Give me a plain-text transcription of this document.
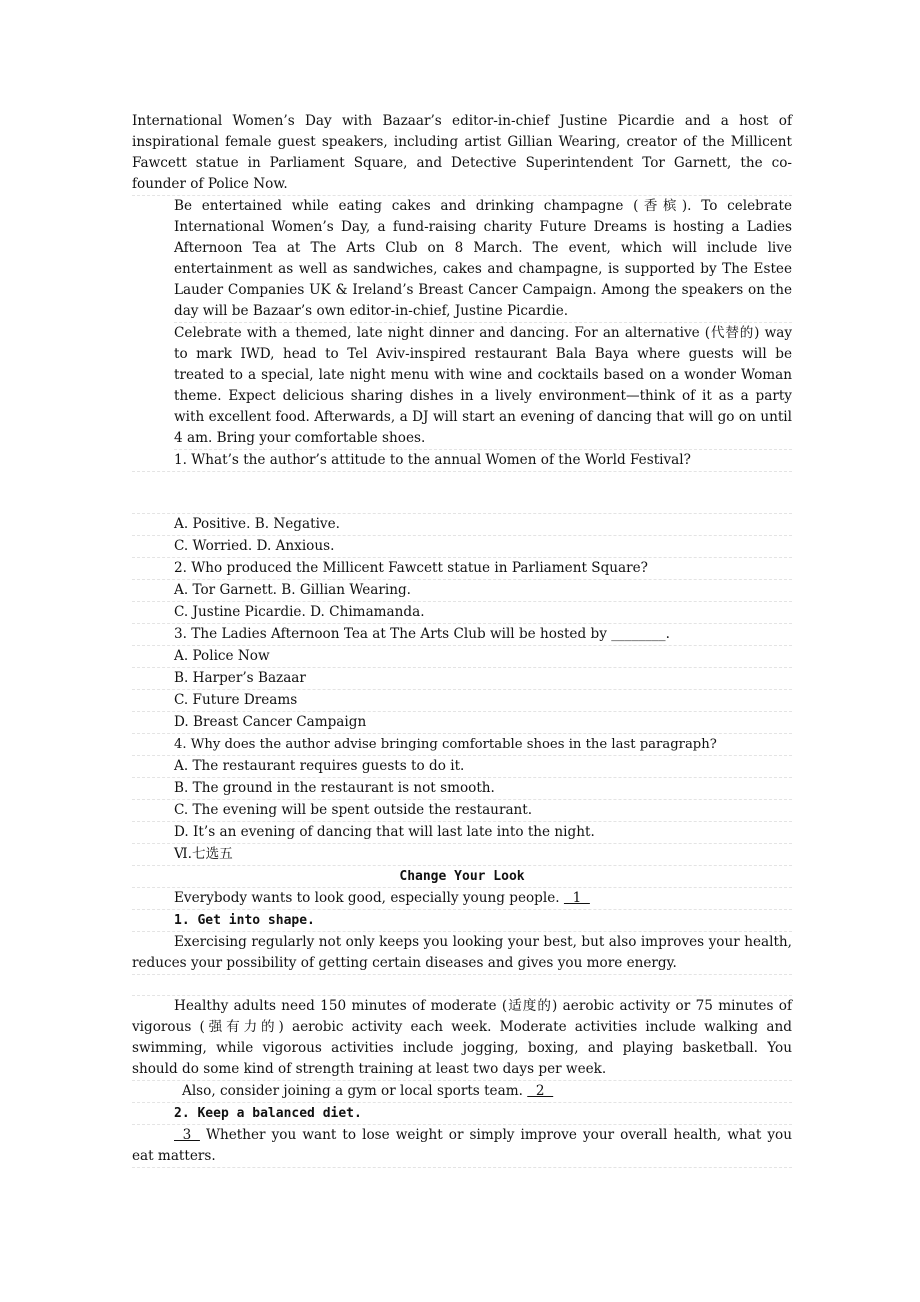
International Women’s Day with Bazaar’s editor-in-chief Justine Picardie and a host of inspirational female guest speakers, including artist Gillian Wearing, creator of the Millicent Fawcett statue in Parliament Square, and Detective Superintendent Tor Garnett, the co-founder of Police Now.
Be entertained while eating cakes and drinking champagne (香槟). To celebrate International Women’s Day, a fund-raising charity Future Dreams is hosting a Ladies Afternoon Tea at The Arts Club on 8 March. The event, which will include live entertainment as well as sandwiches, cakes and champagne, is supported by The Estee Lauder Companies UK & Ireland’s Breast Cancer Campaign. Among the speakers on the day will be Bazaar’s own editor-in-chief, Justine Picardie.
Celebrate with a themed, late night dinner and dancing. For an alternative (代替的) way to mark IWD, head to Tel Aviv-inspired restaurant Bala Baya where guests will be treated to a special, late night menu with wine and cocktails based on a wonder Woman theme. Expect delicious sharing dishes in a lively environment—think of it as a party with excellent food. Afterwards, a DJ will start an evening of dancing that will go on until 4 am. Bring your comfortable shoes.
1. What’s the author’s attitude to the annual Women of the World Festival?
A. Positive. B. Negative.
C. Worried. D. Anxious.
2. Who produced the Millicent Fawcett statue in Parliament Square?
A. Tor Garnett. B. Gillian Wearing.
C. Justine Picardie. D. Chimamanda.
3. The Ladies Afternoon Tea at The Arts Club will be hosted by ________.
A. Police Now
B. Harper’s Bazaar
C. Future Dreams
D. Breast Cancer Campaign
4. Why does the author advise bringing comfortable shoes in the last paragraph?
A. The restaurant requires guests to do it.
B. The ground in the restaurant is not smooth.
C. The evening will be spent outside the restaurant.
D. It’s an evening of dancing that will last late into the night.
Ⅵ.七选五
Change Your Look
Everybody wants to look good, especially young people.   1
1. Get into shape.
Exercising regularly not only keeps you looking your best, but also improves your health, reduces your possibility of getting certain diseases and gives you more energy.
Healthy adults need 150 minutes of moderate (适度的) aerobic activity or 75 minutes of vigorous (强有力的) aerobic activity each week. Moderate activities include walking and swimming, while vigorous activities include jogging, boxing, and playing basketball. You should do some kind of strength training at least two days per week.
Also, consider joining a gym or local sports team.   2
2. Keep a balanced diet.
3   Whether you want to lose weight or simply improve your overall health, what you eat matters.
